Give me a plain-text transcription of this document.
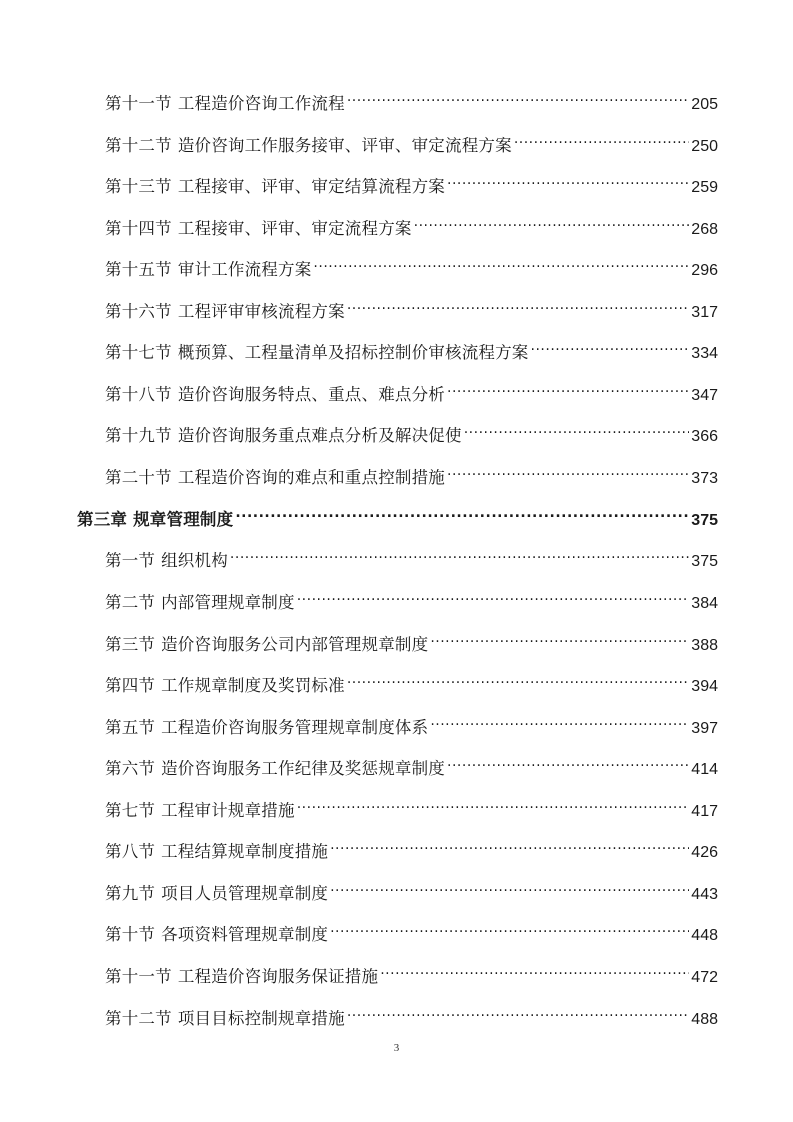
第十一节 工程造价咨询工作流程 .....	205
第十二节 造价咨询工作服务接审、评审、审定流程方案 .....	250
第十三节 工程接审、评审、审定结算流程方案 .....	259
第十四节 工程接审、评审、审定流程方案 .....	268
第十五节 审计工作流程方案 .....	296
第十六节 工程评审审核流程方案 .....	317
第十七节 概预算、工程量清单及招标控制价审核流程方案 .....	334
第十八节 造价咨询服务特点、重点、难点分析 .....	347
第十九节 造价咨询服务重点难点分析及解决促使 .....	366
第二十节 工程造价咨询的难点和重点控制措施 .....	373
第三章 规章管理制度 .....	375
第一节 组织机构 .....	375
第二节 内部管理规章制度 .....	384
第三节 造价咨询服务公司内部管理规章制度 .....	388
第四节 工作规章制度及奖罚标准 .....	394
第五节 工程造价咨询服务管理规章制度体系 .....	397
第六节 造价咨询服务工作纪律及奖惩规章制度 .....	414
第七节 工程审计规章措施 .....	417
第八节 工程结算规章制度措施 .....	426
第九节 项目人员管理规章制度 .....	443
第十节 各项资料管理规章制度 .....	448
第十一节 工程造价咨询服务保证措施 .....	472
第十二节 项目目标控制规章措施 .....	488
3
